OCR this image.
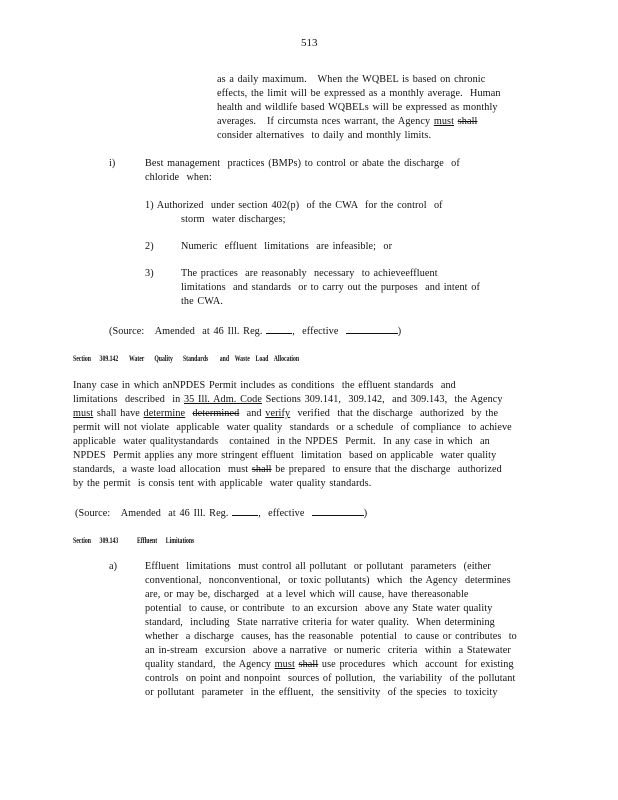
513
as a daily maximum.   When the WQBEL is based on chronic
effects, the limit will be expressed as a monthly average.  Human
health and wildlife based WQBELs will be expressed as monthly
averages.   If circumsta nces warrant, the Agency must shall
consider alternatives  to daily and monthly limits.
i)	Best management  practices (BMPs) to control or abate the discharge  of
chloride  when:
1) Authorized  under section 402(p)  of the CWA  for the control  of
storm  water discharges;
2)	Numeric  effluent  limitations  are infeasible;  or
3)	The practices  are reasonably  necessary  to achieveeffluent
limitations  and standards  or to carry out the purposes  and intent of
the CWA.
(Source:   Amended  at 46 Ill. Reg.	, effective	)
Section      309.142 Water       Quality       Standards        and    Waste    Load    Allocation
Inany case in which anNPDES Permit includes as conditions  the effluent standards  and
limitations  described  in 35 Ill. Adm. Code Sections 309.141,  309.142,  and 309.143,  the Agency
must shall have determine determined  and verify  verified  that the discharge  authorized  by the
permit will not violate  applicable  water quality  standards  or a schedule  of compliance  to achieve
applicable  water qualitystandards   contained  in the NPDES  Permit.  In any case in which  an
NPDES  Permit applies any more stringent effluent  limitation  based on applicable  water quality
standards,  a waste load allocation  must shall be prepared  to ensure that the discharge  authorized
by the permit  is consis tent with applicable  water quality standards.
(Source:   Amended  at 46 Ill. Reg.	, effective	)
Section      309.143 Effluent      Limitations
a)	Effluent  limitations  must control all pollutant  or pollutant  parameters  (either
conventional,  nonconventional,  or toxic pollutants)  which  the Agency  determines
are, or may be, discharged  at a level which will cause, have thereasonable
potential  to cause, or contribute  to an excursion  above any State water quality
standard,  including  State narrative criteria for water quality.  When determining
whether  a discharge  causes, has the reasonable  potential  to cause or contributes  to
an in-stream  excursion  above a narrative  or numeric  criteria  within  a Statewater
quality standard,  the Agency must shall use procedures  which  account  for existing
controls  on point and nonpoint  sources of pollution,  the variability  of the pollutant
or pollutant  parameter  in the effluent,  the sensitivity  of the species  to toxicity
